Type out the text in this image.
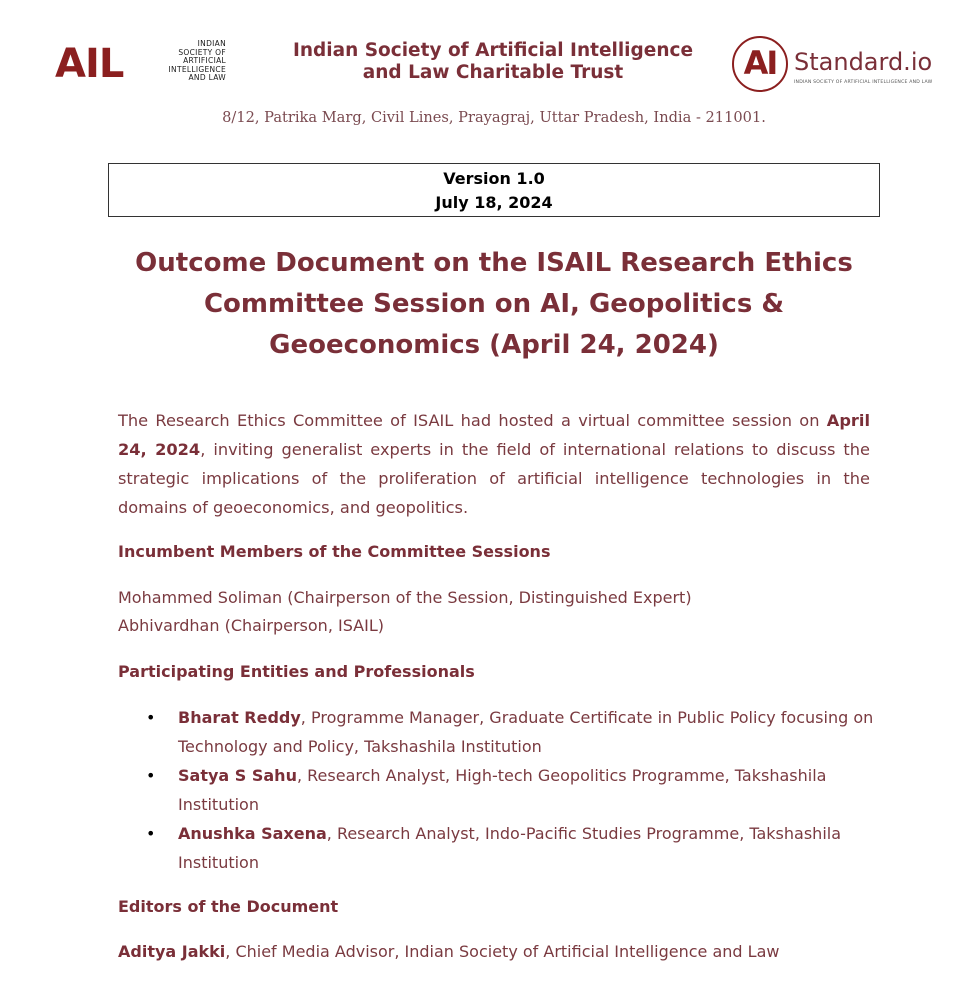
AIL	INDIAN
SOCIETY OF
ARTIFICIAL
INTELLIGENCE
AND LAW
Indian Society of Artificial Intelligence
and Law Charitable Trust	AI Standard.io
INDIAN SOCIETY OF ARTIFICIAL INTELLIGENCE AND LAW
8/12, Patrika Marg, Civil Lines, Prayagraj, Uttar Pradesh, India - 211001.
Version 1.0
July 18, 2024
Outcome Document on the ISAIL Research Ethics
Committee Session on AI, Geopolitics &
Geoeconomics (April 24, 2024)

The Research Ethics Committee of ISAIL had hosted a virtual committee session on April 24, 2024, inviting generalist experts in the field of international relations to discuss the strategic implications of the proliferation of artificial intelligence technologies in the domains of geoeconomics, and geopolitics.

Incumbent Members of the Committee Sessions
Mohammed Soliman (Chairperson of the Session, Distinguished Expert)
Abhivardhan (Chairperson, ISAIL)
Participating Entities and Professionals
• Bharat Reddy, Programme Manager, Graduate Certificate in Public Policy focusing on Technology and Policy, Takshashila Institution
• Satya S Sahu, Research Analyst, High-tech Geopolitics Programme, Takshashila Institution
• Anushka Saxena, Research Analyst, Indo-Pacific Studies Programme, Takshashila Institution
Editors of the Document
Aditya Jakki, Chief Media Advisor, Indian Society of Artificial Intelligence and Law
